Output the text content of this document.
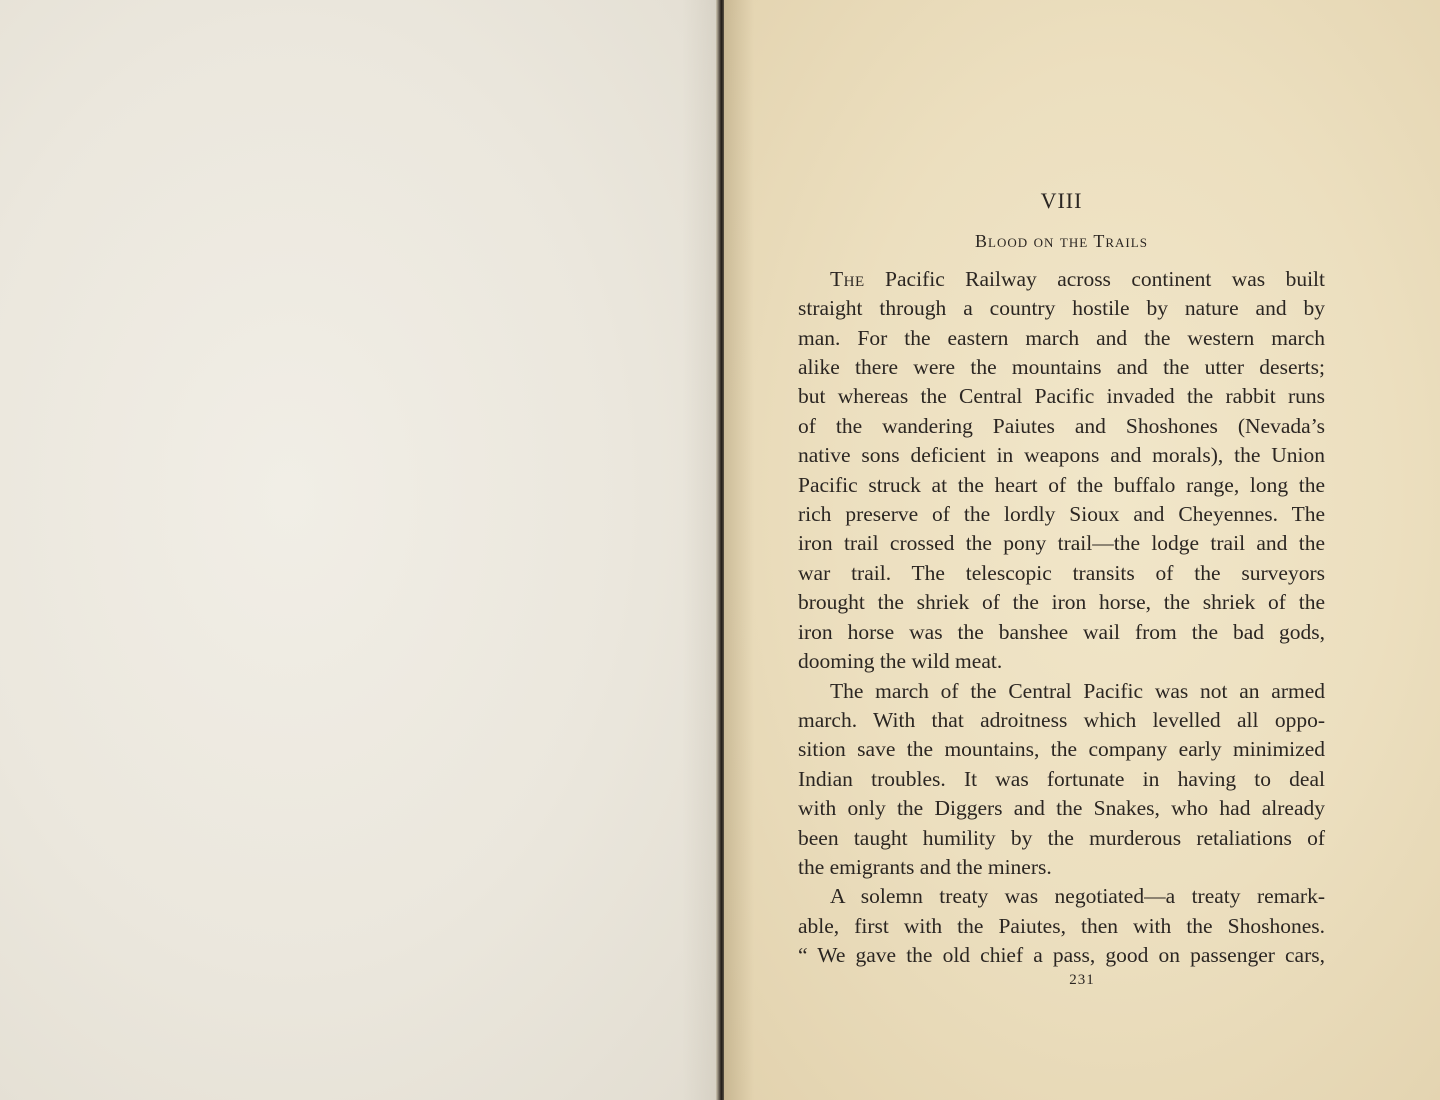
VIII
Blood on the Trails
The Pacific Railway across continent was built
straight through a country hostile by nature and by
man. For the eastern march and the western march
alike there were the mountains and the utter deserts;
but whereas the Central Pacific invaded the rabbit runs
of the wandering Paiutes and Shoshones (Nevada’s
native sons deficient in weapons and morals), the Union
Pacific struck at the heart of the buffalo range, long the
rich preserve of the lordly Sioux and Cheyennes. The
iron trail crossed the pony trail—the lodge trail and the
war trail. The telescopic transits of the surveyors
brought the shriek of the iron horse, the shriek of the
iron horse was the banshee wail from the bad gods,
dooming the wild meat.
The march of the Central Pacific was not an armed
march. With that adroitness which levelled all oppo-
sition save the mountains, the company early minimized
Indian troubles. It was fortunate in having to deal
with only the Diggers and the Snakes, who had already
been taught humility by the murderous retaliations of
the emigrants and the miners.
A solemn treaty was negotiated—a treaty remark-
able, first with the Paiutes, then with the Shoshones.
“ We gave the old chief a pass, good on passenger cars,
231
